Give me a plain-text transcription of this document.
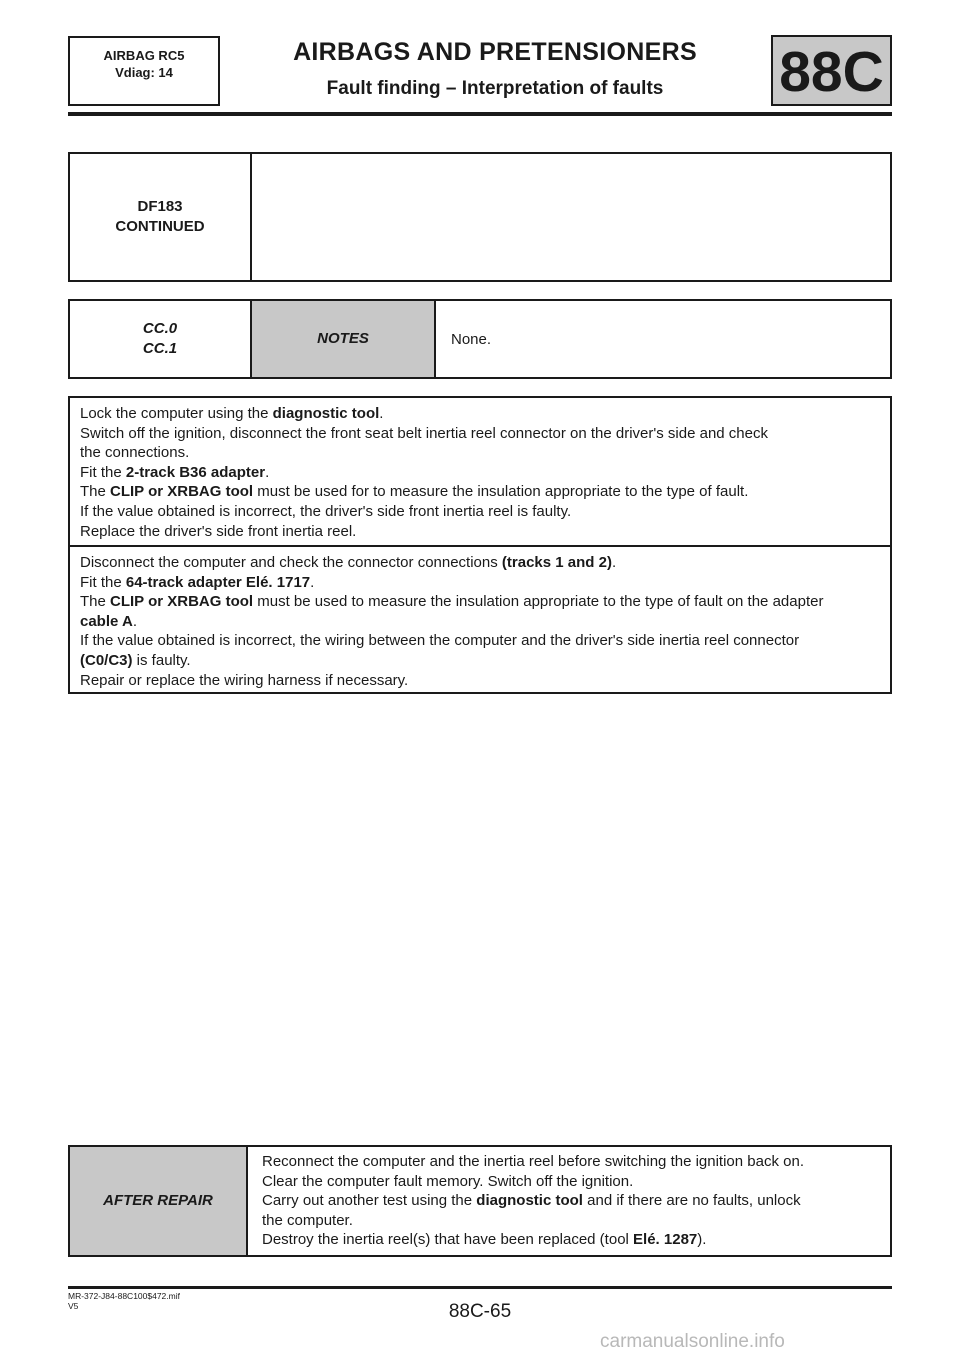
AIRBAG RC5
Vdiag: 14
AIRBAGS AND PRETENSIONERS
Fault finding – Interpretation of faults	88C
DF183
CONTINUED
CC.0
CC.1
NOTES	None.
Lock the computer using the diagnostic tool.
Switch off the ignition, disconnect the front seat belt inertia reel connector on the driver's side and check
the connections.
Fit the 2-track B36 adapter.
The CLIP or XRBAG tool must be used for to measure the insulation appropriate to the type of fault.
If the value obtained is incorrect, the driver's side front inertia reel is faulty.
Replace the driver's side front inertia reel.
Disconnect the computer and check the connector connections (tracks 1 and 2).
Fit the 64-track adapter Elé. 1717.
The CLIP or XRBAG tool must be used to measure the insulation appropriate to the type of fault on the adapter
cable A.
If the value obtained is incorrect, the wiring between the computer and the driver's side inertia reel connector
(C0/C3) is faulty.
Repair or replace the wiring harness if necessary.
AFTER REPAIR
Reconnect the computer and the inertia reel before switching the ignition back on.
Clear the computer fault memory. Switch off the ignition.
Carry out another test using the diagnostic tool and if there are no faults, unlock
the computer.
Destroy the inertia reel(s) that have been replaced (tool Elé. 1287).
MR-372-J84-88C100$472.mif
V5	88C-65
carmanualsonline.info
